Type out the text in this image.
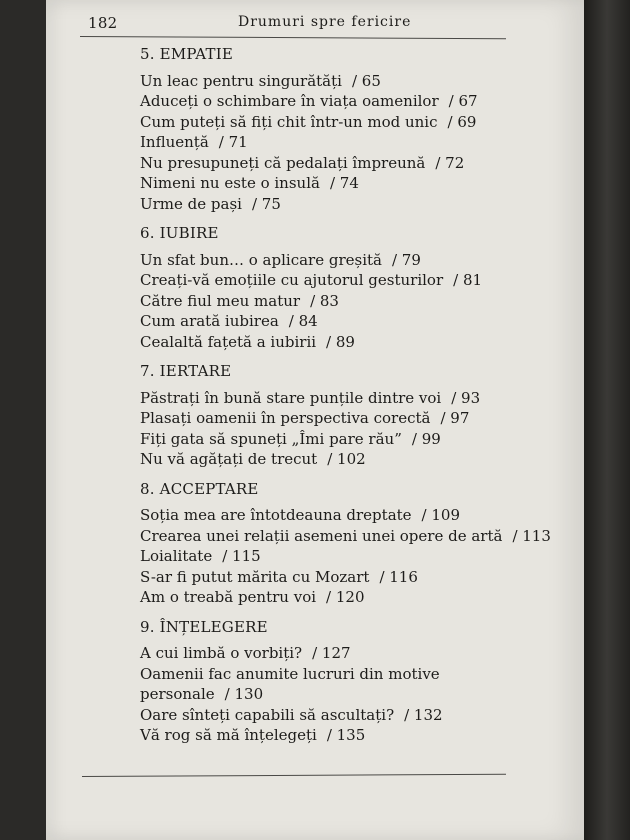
182	Drumuri spre fericire
5. EMPATIE
Un leac pentru singurătăți / 65
Aduceți o schimbare în viața oamenilor / 67
Cum puteți să fiți chit într-un mod unic / 69
Influență / 71
Nu presupuneți că pedalați împreună / 72
Nimeni nu este o insulă / 74
Urme de pași / 75
6. IUBIRE
Un sfat bun… o aplicare greșită / 79
Creați-vă emoțiile cu ajutorul gesturilor / 81
Către fiul meu matur / 83
Cum arată iubirea / 84
Cealaltă fațetă a iubirii / 89
7. IERTARE
Păstrați în bună stare punțile dintre voi / 93
Plasați oamenii în perspectiva corectă / 97
Fiți gata să spuneți „Îmi pare rău” / 99
Nu vă agățați de trecut / 102
8. ACCEPTARE
Soția mea are întotdeauna dreptate / 109
Crearea unei relații asemeni unei opere de artă / 113
Loialitate / 115
S-ar fi putut mărita cu Mozart / 116
Am o treabă pentru voi / 120
9. ÎNȚELEGERE
A cui limbă o vorbiți? / 127
Oamenii fac anumite lucruri din motive personale / 130
Oare sînteți capabili să ascultați? / 132
Vă rog să mă înțelegeți / 135
